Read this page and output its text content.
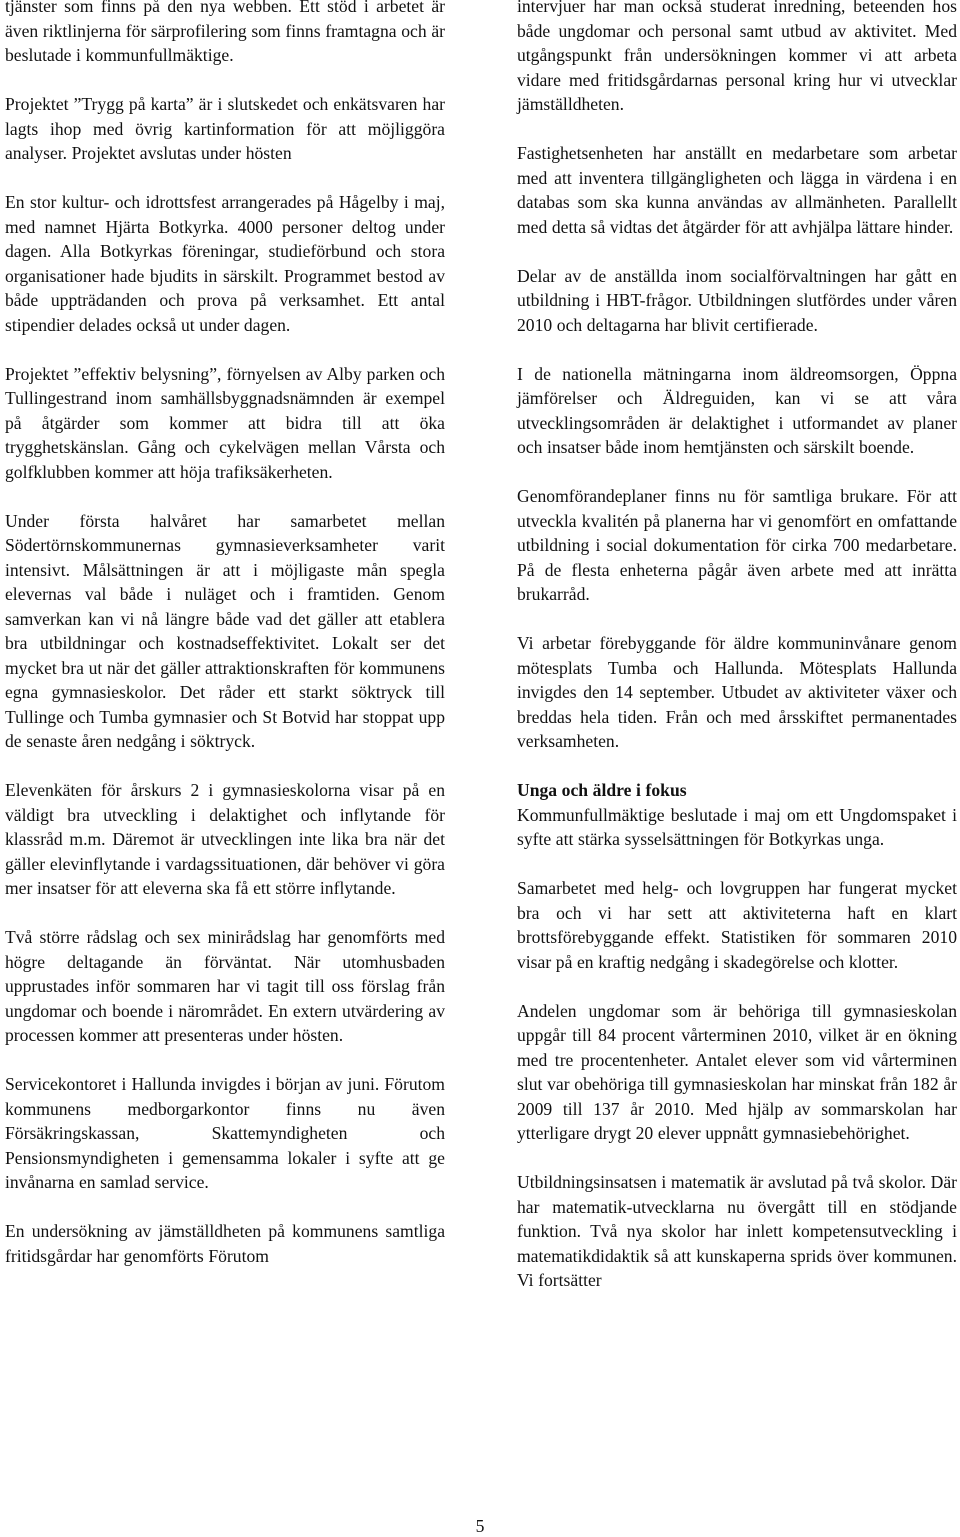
tjänster som finns på den nya webben. Ett stöd i arbetet är även riktlinjerna för särprofilering som finns framtagna och är beslutade i kommunfullmäktige.

Projektet ”Trygg på karta” är i slutskedet och enkätsvaren har lagts ihop med övrig kartinformation för att möjliggöra analyser. Projektet avslutas under hösten

En stor kultur- och idrottsfest arrangerades på Hågelby i maj, med namnet Hjärta Botkyrka. 4000 personer deltog under dagen. Alla Botkyrkas föreningar, studieförbund och stora organisationer hade bjudits in särskilt. Programmet bestod av både uppträdanden och prova på verksamhet. Ett antal stipendier delades också ut under dagen.

Projektet ”effektiv belysning”, förnyelsen av Alby parken och Tullingestrand inom samhällsbyggnadsnämnden är exempel på åtgärder som kommer att bidra till att öka trygghetskänslan. Gång och cykelvägen mellan Vårsta och golfklubben kommer att höja trafiksäkerheten.

Under första halvåret har samarbetet mellan Södertörnskommunernas gymnasieverksamheter varit intensivt. Målsättningen är att i möjligaste mån spegla elevernas val både i nuläget och i framtiden. Genom samverkan kan vi nå längre både vad det gäller att etablera bra utbildningar och kostnadseffektivitet. Lokalt ser det mycket bra ut när det gäller attraktionskraften för kommunens egna gymnasieskolor. Det råder ett starkt söktryck till Tullinge och Tumba gymnasier och St Botvid har stoppat upp de senaste åren nedgång i söktryck.

Elevenkäten för årskurs 2 i gymnasieskolorna visar på en väldigt bra utveckling i delaktighet och inflytande för klassråd m.m. Däremot är utvecklingen inte lika bra när det gäller elevinflytande i vardagssituationen, där behöver vi göra mer insatser för att eleverna ska få ett större inflytande.

Två större rådslag och sex minirådslag har genomförts med högre deltagande än förväntat. När utomhusbaden upprustades inför sommaren har vi tagit till oss förslag från ungdomar och boende i närområdet. En extern utvärdering av processen kommer att presenteras under hösten.

Servicekontoret i Hallunda invigdes i början av juni. Förutom kommunens medborgarkontor finns nu även Försäkringskassan, Skattemyndigheten och Pensionsmyndigheten i gemensamma lokaler i syfte att ge invånarna en samlad service.

En undersökning av jämställdheten på kommunens samtliga fritidsgårdar har genomförts Förutom

intervjuer har man också studerat inredning, beteenden hos både ungdomar och personal samt utbud av aktivitet. Med utgångspunkt från undersökningen kommer vi att arbeta vidare med fritidsgårdarnas personal kring hur vi utvecklar jämställdheten.

Fastighetsenheten har anställt en medarbetare som arbetar med att inventera tillgängligheten och lägga in värdena i en databas som ska kunna användas av allmänheten. Parallellt med detta så vidtas det åtgärder för att avhjälpa lättare hinder.

Delar av de anställda inom socialförvaltningen har gått en utbildning i HBT-frågor. Utbildningen slutfördes under våren 2010 och deltagarna har blivit certifierade.

I de nationella mätningarna inom äldreomsorgen, Öppna jämförelser och Äldreguiden, kan vi se att våra utvecklingsområden är delaktighet i utformandet av planer och insatser både inom hemtjänsten och särskilt boende.

Genomförandeplaner finns nu för samtliga brukare. För att utveckla kvalitén på planerna har vi genomfört en omfattande utbildning i social dokumentation för cirka 700 medarbetare. På de flesta enheterna pågår även arbete med att inrätta brukarråd.

Vi arbetar förebyggande för äldre kommuninvånare genom mötesplats Tumba och Hallunda. Mötesplats Hallunda invigdes den 14 september. Utbudet av aktiviteter växer och breddas hela tiden. Från och med årsskiftet permanentades verksamheten.

Unga och äldre i fokus

Kommunfullmäktige beslutade i maj om ett Ungdomspaket i syfte att stärka sysselsättningen för Botkyrkas unga.

Samarbetet med helg- och lovgruppen har fungerat mycket bra och vi har sett att aktiviteterna haft en klart brottsförebyggande effekt. Statistiken för sommaren 2010 visar på en kraftig nedgång i skadegörelse och klotter.

Andelen ungdomar som är behöriga till gymnasieskolan uppgår till 84 procent vårterminen 2010, vilket är en ökning med tre procentenheter. Antalet elever som vid vårterminen slut var obehöriga till gymnasieskolan har minskat från 182 år 2009 till 137 år 2010. Med hjälp av sommarskolan har ytterligare drygt 20 elever uppnått gymnasiebehörighet.

Utbildningsinsatsen i matematik är avslutad på två skolor. Där har matematik-utvecklarna nu övergått till en stödjande funktion. Två nya skolor har inlett kompetensutveckling i matematikdidaktik så att kunskaperna sprids över kommunen. Vi fortsätter

5
